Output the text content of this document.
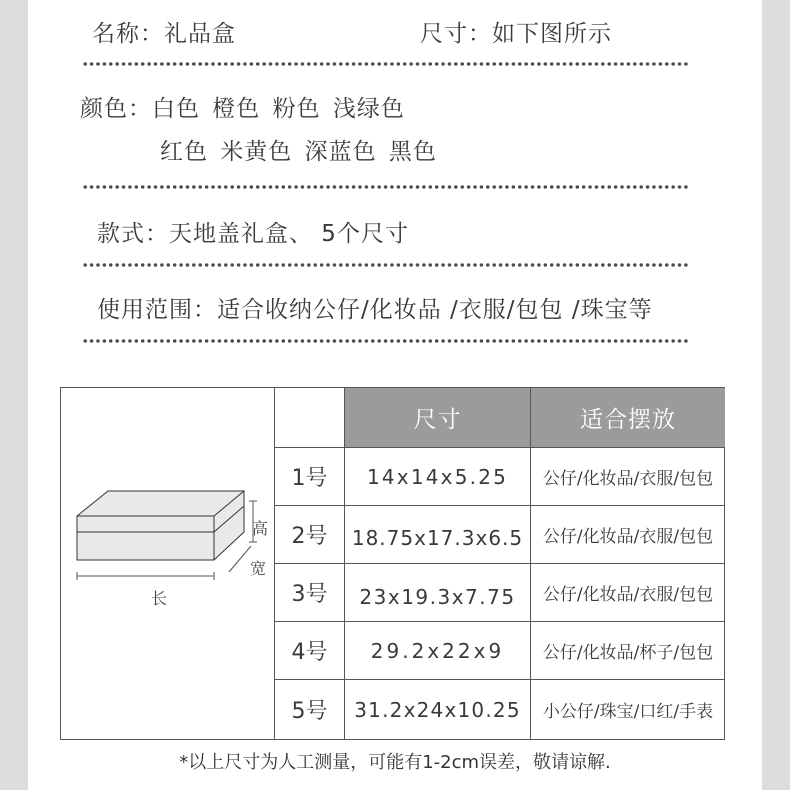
名称：礼品盒	尺寸：如下图所示
颜色：白色 橙色 粉色 浅绿色
红色 米黄色 深蓝色 黑色
款式：天地盖礼盒、 5个尺寸
使用范围：适合收纳公仔/化妆品 /衣服/包包 /珠宝等
尺寸	适合摆放
1号	14x14x5.25	公仔/化妆品/衣服/包包
2号	18.75x17.3x6.5	公仔/化妆品/衣服/包包
3号	23x19.3x7.75	公仔/化妆品/衣服/包包
4号	29.2x22x9	公仔/化妆品/杯子/包包
5号	31.2x24x10.25	小公仔/珠宝/口红/手表
高
宽
长
*以上尺寸为人工测量，可能有1-2cm误差，敬请谅解.
